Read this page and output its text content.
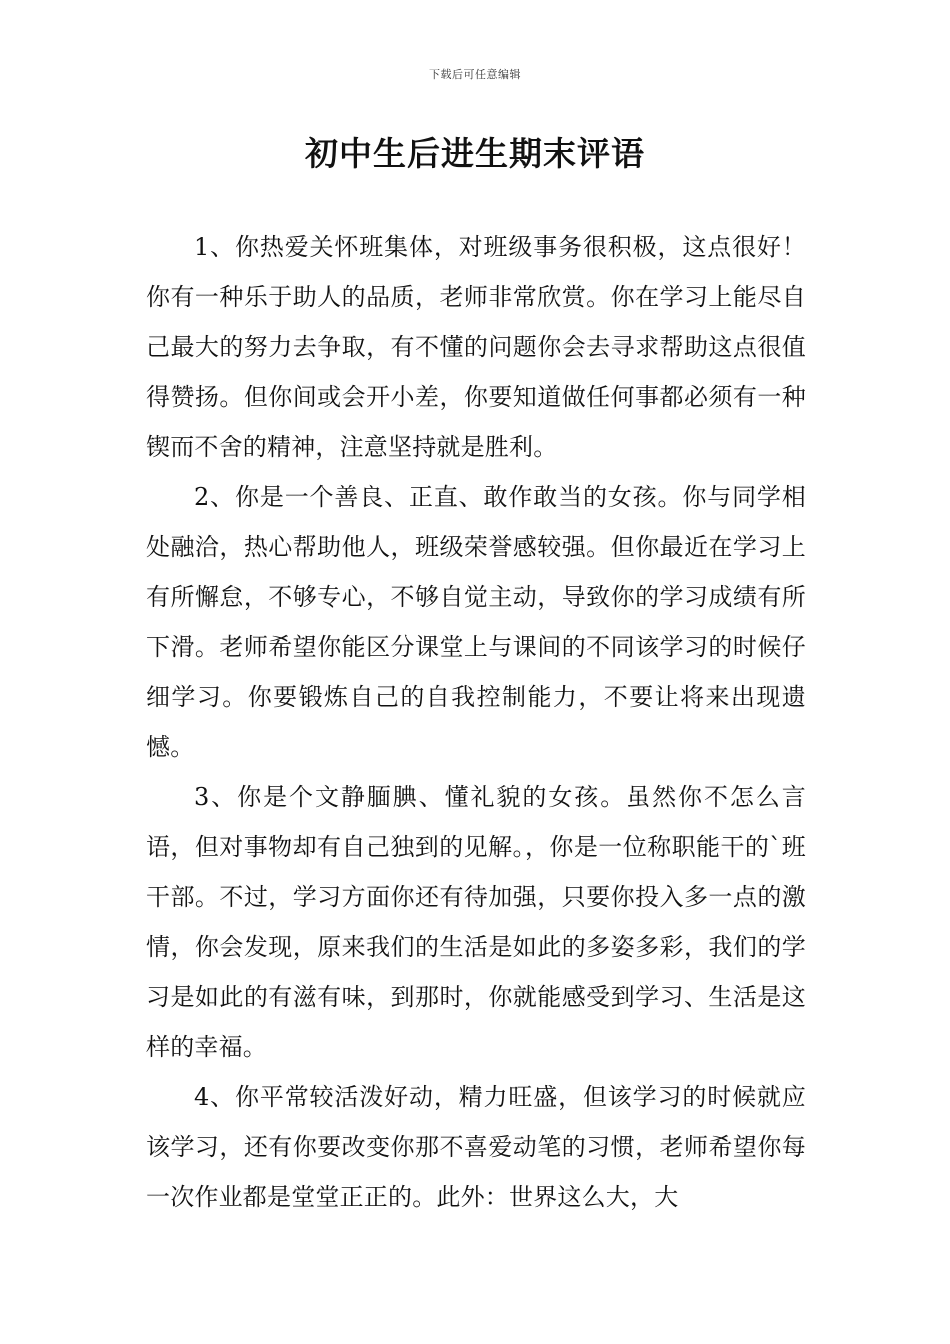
下载后可任意编辑
初中生后进生期末评语

1、你热爱关怀班集体，对班级事务很积极，这点很好！你有一种乐于助人的品质，老师非常欣赏。你在学习上能尽自己最大的努力去争取，有不懂的问题你会去寻求帮助这点很值得赞扬。但你间或会开小差，你要知道做任何事都必须有一种锲而不舍的精神，注意坚持就是胜利。

2、你是一个善良、正直、敢作敢当的女孩。你与同学相处融洽，热心帮助他人，班级荣誉感较强。但你最近在学习上有所懈怠，不够专心，不够自觉主动，导致你的学习成绩有所下滑。老师希望你能区分课堂上与课间的不同该学习的时候仔细学习。你要锻炼自己的自我控制能力，不要让将来出现遗憾。

3、你是个文静腼腆、懂礼貌的女孩。虽然你不怎么言语，但对事物却有自己独到的见解。，你是一位称职能干的`班干部。不过，学习方面你还有待加强，只要你投入多一点的激情，你会发现，原来我们的生活是如此的多姿多彩，我们的学习是如此的有滋有味，到那时，你就能感受到学习、生活是这样的幸福。

4、你平常较活泼好动，精力旺盛，但该学习的时候就应该学习，还有你要改变你那不喜爱动笔的习惯，老师希望你每一次作业都是堂堂正正的。此外：世界这么大，大
